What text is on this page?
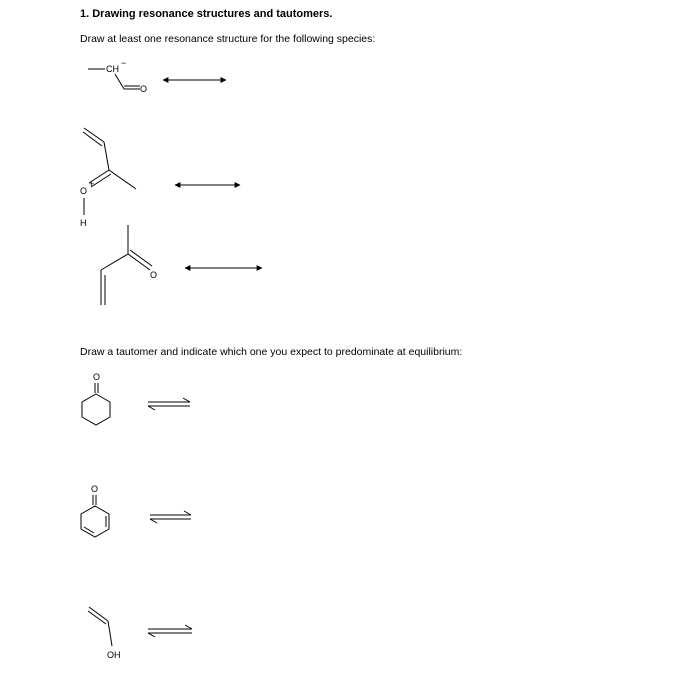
1. Drawing resonance structures and tautomers.
Draw at least one resonance structure for the following species:
Draw a tautomer and indicate which one you expect to predominate at equilibrium:
CH
−
O
O
+
H
O
O
O
OH
